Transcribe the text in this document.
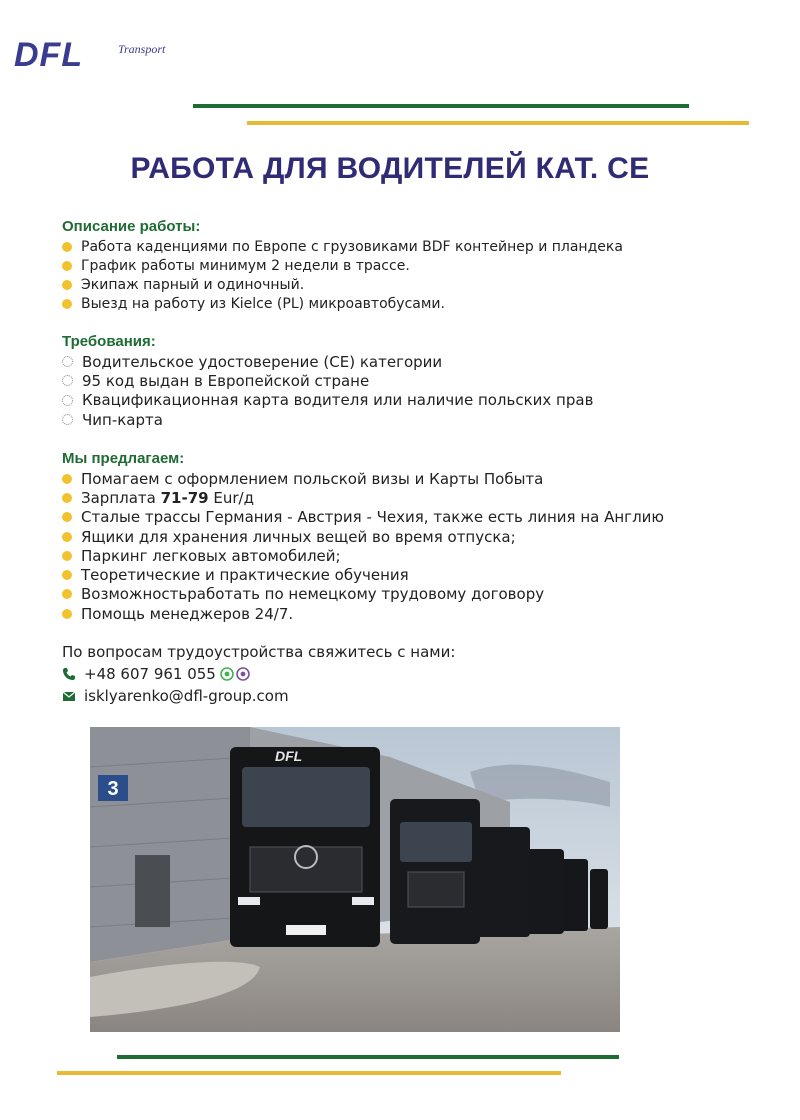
DFL	Transport
РАБОТА ДЛЯ ВОДИТЕЛЕЙ КАТ. CE
Описание работы:
Работа каденциями по Европе с грузовиками BDF контейнер и пландека
График работы минимум 2 недели в трассе.
Экипаж парный и одиночный.
Выезд на работу из Kielce (PL) микроавтобусами.
Требования:
Водительское удостоверение (CE) категории
95 код выдан в Европейской стране
Квацификационная карта водителя или наличие польских прав
Чип-карта
Мы предлагаем:
Помагаем с оформлением польской визы и Карты Побыта
Зарплата 71-79 Eur/д
Сталые трассы Германия - Австрия - Чехия, также есть линия на Англию
Ящики для хранения личных вещей во время отпуска;
Паркинг легковых автомобилей;
Теоретические и практические обучения
Возможностьработать по немецкому трудовому договору
Помощь менеджеров 24/7.
По вопросам трудоустройства свяжитесь с нами:
+48 607 961 055
isklyarenko@dfl-group.com
3
DFL
